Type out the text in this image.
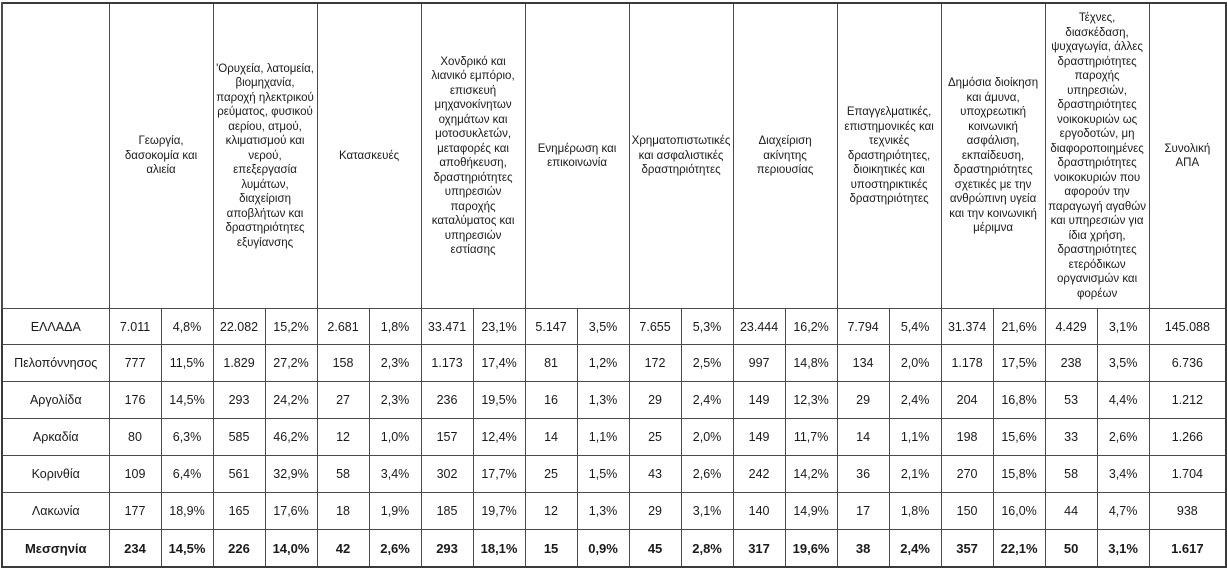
	Γεωργία, δασοκομία και αλιεία		'Ορυχεία, λατομεία, βιομηχανία, παροχή ηλεκτρικού ρεύματος, φυσικού αερίου, ατμού, κλιματισμού και νερού, επεξεργασία λυμάτων, διαχείριση αποβλήτων και δραστηριότητες εξυγίανσης		Κατασκευές		Χονδρικό και λιανικό εμπόριο, επισκευή μηχανοκίνητων οχημάτων και μοτοσυκλετών, μεταφορές και αποθήκευση, δραστηριότητες υπηρεσιών παροχής καταλύματος και υπηρεσιών εστίασης		Ενημέρωση και επικοινωνία		Χρηματοπιστωτικές και ασφαλιστικές δραστηριότητες		Διαχείριση ακίνητης περιουσίας		Επαγγελματικές, επιστημονικές και τεχνικές δραστηριότητες, διοικητικές και υποστηρικτικές δραστηριότητες		Δημόσια διοίκηση και άμυνα, υποχρεωτική κοινωνική ασφάλιση, εκπαίδευση, δραστηριότητες σχετικές με την ανθρώπινη υγεία και την κοινωνική μέριμνα		Τέχνες, διασκέδαση, ψυχαγωγία, άλλες δραστηριότητες παροχής υπηρεσιών, δραστηριότητες νοικοκυριών ως εργοδοτών, μη διαφοροποιημένες δραστηριότητες νοικοκυριών που αφορούν την παραγωγή αγαθών και υπηρεσιών για ίδια χρήση, δραστηριότητες ετερόδικων οργανισμών και φορέων		Συνολική ΑΠΑ
ΕΛΛΑΔΑ	7.011	4,8%	22.082	15,2%	2.681	1,8%	33.471	23,1%	5.147	3,5%	7.655	5,3%	23.444	16,2%	7.794	5,4%	31.374	21,6%	4.429	3,1%	145.088
Πελοπόννησος	777	11,5%	1.829	27,2%	158	2,3%	1.173	17,4%	81	1,2%	172	2,5%	997	14,8%	134	2,0%	1.178	17,5%	238	3,5%	6.736
Αργολίδα	176	14,5%	293	24,2%	27	2,3%	236	19,5%	16	1,3%	29	2,4%	149	12,3%	29	2,4%	204	16,8%	53	4,4%	1.212
Αρκαδία	80	6,3%	585	46,2%	12	1,0%	157	12,4%	14	1,1%	25	2,0%	149	11,7%	14	1,1%	198	15,6%	33	2,6%	1.266
Κορινθία	109	6,4%	561	32,9%	58	3,4%	302	17,7%	25	1,5%	43	2,6%	242	14,2%	36	2,1%	270	15,8%	58	3,4%	1.704
Λακωνία	177	18,9%	165	17,6%	18	1,9%	185	19,7%	12	1,3%	29	3,1%	140	14,9%	17	1,8%	150	16,0%	44	4,7%	938
Μεσσηνία	234	14,5%	226	14,0%	42	2,6%	293	18,1%	15	0,9%	45	2,8%	317	19,6%	38	2,4%	357	22,1%	50	3,1%	1.617
